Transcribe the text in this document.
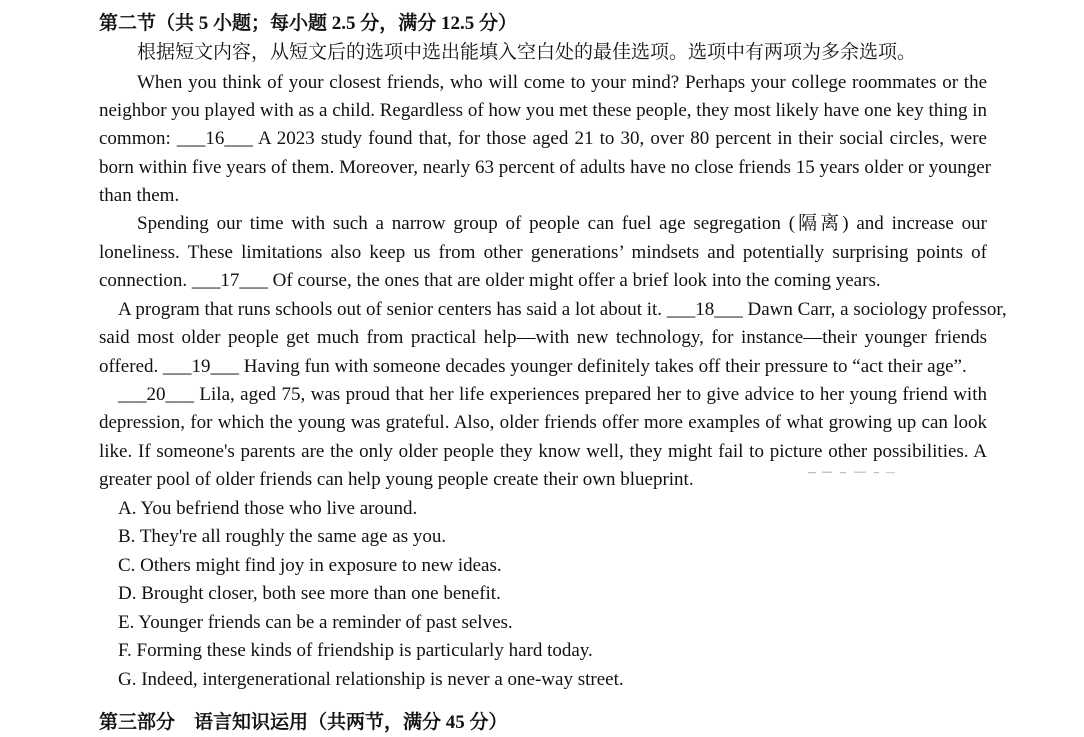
第二节（共 5 小题；每小题 2.5 分，满分 12.5 分）
根据短文内容，从短文后的选项中选出能填入空白处的最佳选项。选项中有两项为多余选项。
When you think of your closest friends, who will come to your mind? Perhaps your college roommates or the
neighbor you played with as a child. Regardless of how you met these people, they most likely have one key thing in
common: ___16___ A 2023 study found that, for those aged 21 to 30, over 80 percent in their social circles, were
born within five years of them. Moreover, nearly 63 percent of adults have no close friends 15 years older or younger
than them.
Spending our time with such a narrow group of people can fuel age segregation (隔离) and increase our
loneliness. These limitations also keep us from other generations’ mindsets and potentially surprising points of
connection. ___17___ Of course, the ones that are older might offer a brief look into the coming years.
A program that runs schools out of senior centers has said a lot about it. ___18___ Dawn Carr, a sociology professor,
said most older people get much from practical help—with new technology, for instance—their younger friends
offered. ___19___ Having fun with someone decades younger definitely takes off their pressure to “act their age”.
___20___ Lila, aged 75, was proud that her life experiences prepared her to give advice to her young friend with
depression, for which the young was grateful. Also, older friends offer more examples of what growing up can look
like. If someone's parents are the only older people they know well, they might fail to picture other possibilities. A
greater pool of older friends can help young people create their own blueprint.
A. You befriend those who live around.
B. They're all roughly the same age as you.
C. Others might find joy in exposure to new ideas.
D. Brought closer, both see more than one benefit.
E. Younger friends can be a reminder of past selves.
F. Forming these kinds of friendship is particularly hard today.
G. Indeed, intergenerational relationship is never a one-way street.
第三部分　语言知识运用（共两节，满分 45 分）
